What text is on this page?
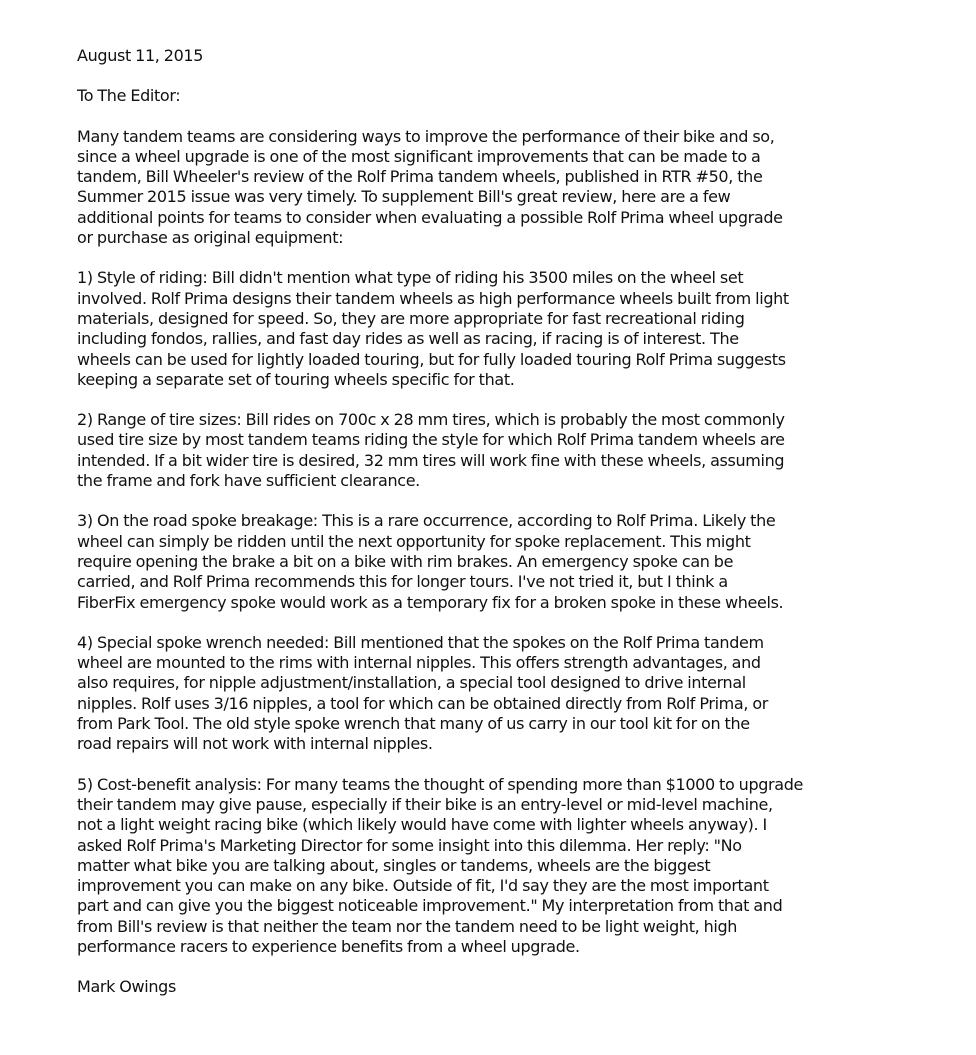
August 11, 2015

To The Editor:

Many tandem teams are considering ways to improve the performance of their bike and so,
since a wheel upgrade is one of the most significant improvements that can be made to a
tandem, Bill Wheeler's review of the Rolf Prima tandem wheels, published in RTR #50, the
Summer 2015 issue was very timely. To supplement Bill's great review, here are a few
additional points for teams to consider when evaluating a possible Rolf Prima wheel upgrade
or purchase as original equipment:

1) Style of riding: Bill didn't mention what type of riding his 3500 miles on the wheel set
involved. Rolf Prima designs their tandem wheels as high performance wheels built from light
materials, designed for speed. So, they are more appropriate for fast recreational riding
including fondos, rallies, and fast day rides as well as racing, if racing is of interest. The
wheels can be used for lightly loaded touring, but for fully loaded touring Rolf Prima suggests
keeping a separate set of touring wheels specific for that.

2) Range of tire sizes: Bill rides on 700c x 28 mm tires, which is probably the most commonly
used tire size by most tandem teams riding the style for which Rolf Prima tandem wheels are
intended. If a bit wider tire is desired, 32 mm tires will work fine with these wheels, assuming
the frame and fork have sufficient clearance.

3) On the road spoke breakage: This is a rare occurrence, according to Rolf Prima. Likely the
wheel can simply be ridden until the next opportunity for spoke replacement. This might
require opening the brake a bit on a bike with rim brakes. An emergency spoke can be
carried, and Rolf Prima recommends this for longer tours. I've not tried it, but I think a
FiberFix emergency spoke would work as a temporary fix for a broken spoke in these wheels.

4) Special spoke wrench needed: Bill mentioned that the spokes on the Rolf Prima tandem
wheel are mounted to the rims with internal nipples. This offers strength advantages, and
also requires, for nipple adjustment/installation, a special tool designed to drive internal
nipples. Rolf uses 3/16 nipples, a tool for which can be obtained directly from Rolf Prima, or
from Park Tool. The old style spoke wrench that many of us carry in our tool kit for on the
road repairs will not work with internal nipples.

5) Cost-benefit analysis: For many teams the thought of spending more than $1000 to upgrade
their tandem may give pause, especially if their bike is an entry-level or mid-level machine,
not a light weight racing bike (which likely would have come with lighter wheels anyway). I
asked Rolf Prima's Marketing Director for some insight into this dilemma. Her reply: "No
matter what bike you are talking about, singles or tandems, wheels are the biggest
improvement you can make on any bike. Outside of fit, I'd say they are the most important
part and can give you the biggest noticeable improvement." My interpretation from that and
from Bill's review is that neither the team nor the tandem need to be light weight, high
performance racers to experience benefits from a wheel upgrade.

Mark Owings
